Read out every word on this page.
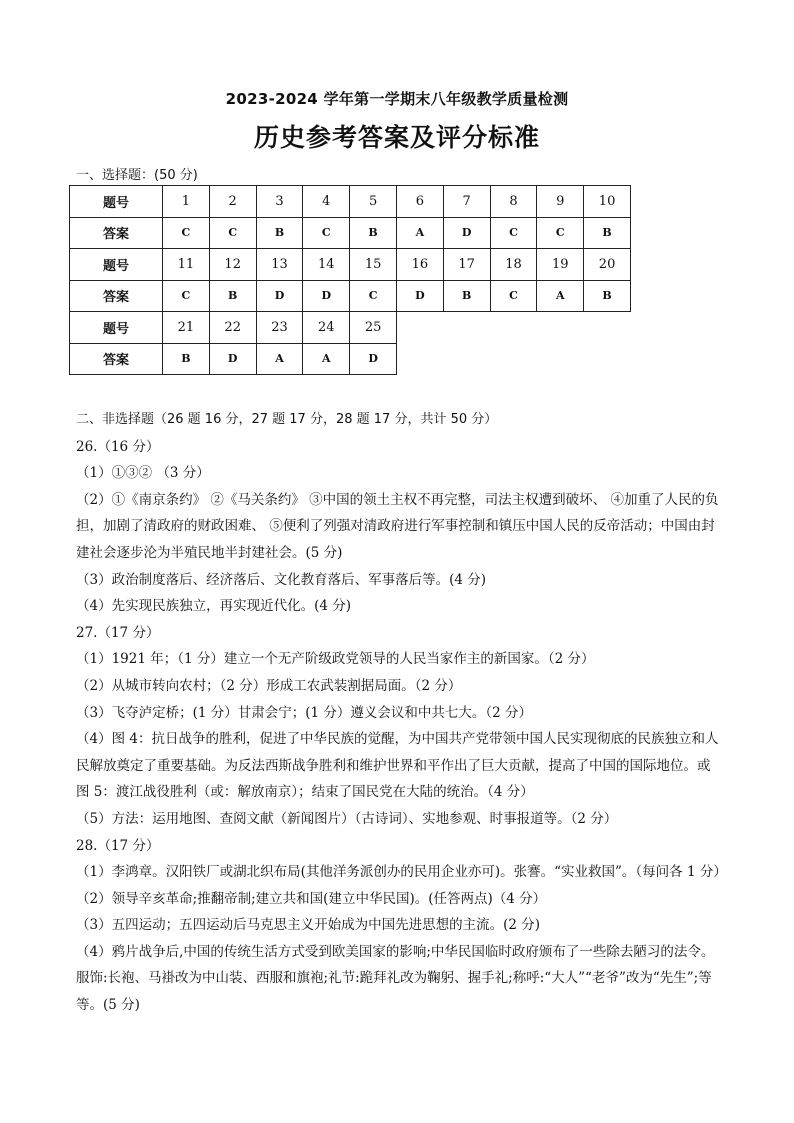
2023-2024 学年第一学期末八年级教学质量检测
历史参考答案及评分标准
一、选择题：(50 分)
题号	1	2	3	4	5	6	7	8	9	10
答案	C	C	B	C	B	A	D	C	C	B
题号	11	12	13	14	15	16	17	18	19	20
答案	C	B	D	D	C	D	B	C	A	B
题号	21	22	23	24	25					
答案	B	D	A	A	D					

二、非选择题（26 题 16 分，27 题 17 分，28 题 17 分，共计 50 分）

26.（16 分）

（1）①③② （3 分）

（2）①《南京条约》 ②《马关条约》 ③中国的领土主权不再完整，司法主权遭到破坏、 ④加重了人民的负担，加剧了清政府的财政困难、 ⑤便利了列强对清政府进行军事控制和镇压中国人民的反帝活动；中国由封建社会逐步沦为半殖民地半封建社会。(5 分)

（3）政治制度落后、经济落后、文化教育落后、军事落后等。(4 分)

（4）先实现民族独立，再实现近代化。(4 分)

27.（17 分）

（1）1921 年；（1 分）建立一个无产阶级政党领导的人民当家作主的新国家。（2 分）

（2）从城市转向农村；（2 分）形成工农武装割据局面。（2 分）

（3）飞夺泸定桥；(1 分）甘肃会宁；(1 分）遵义会议和中共七大。（2 分）

（4）图 4：抗日战争的胜利，促进了中华民族的觉醒，为中国共产党带领中国人民实现彻底的民族独立和人民解放奠定了重要基础。为反法西斯战争胜利和维护世界和平作出了巨大贡献，提高了中国的国际地位。或图 5：渡江战役胜利（或：解放南京）；结束了国民党在大陆的统治。（4 分）

（5）方法：运用地图、查阅文献（新闻图片）（古诗词）、实地参观、时事报道等。（2 分）

28.（17 分）

（1）李鸿章。汉阳铁厂或湖北织布局(其他洋务派创办的民用企业亦可)。张謇。“实业救国”。（每问各 1 分）

（2）领导辛亥革命;推翻帝制;建立共和国(建立中华民国)。(任答两点)（4 分）

（3）五四运动；五四运动后马克思主义开始成为中国先进思想的主流。(2 分)

（4）鸦片战争后,中国的传统生活方式受到欧美国家的影响;中华民国临时政府颁布了一些除去陋习的法令。服饰:长袍、马褂改为中山装、西服和旗袍;礼节:跪拜礼改为鞠躬、握手礼;称呼:“大人”“老爷”改为“先生”;等等。(5 分)
